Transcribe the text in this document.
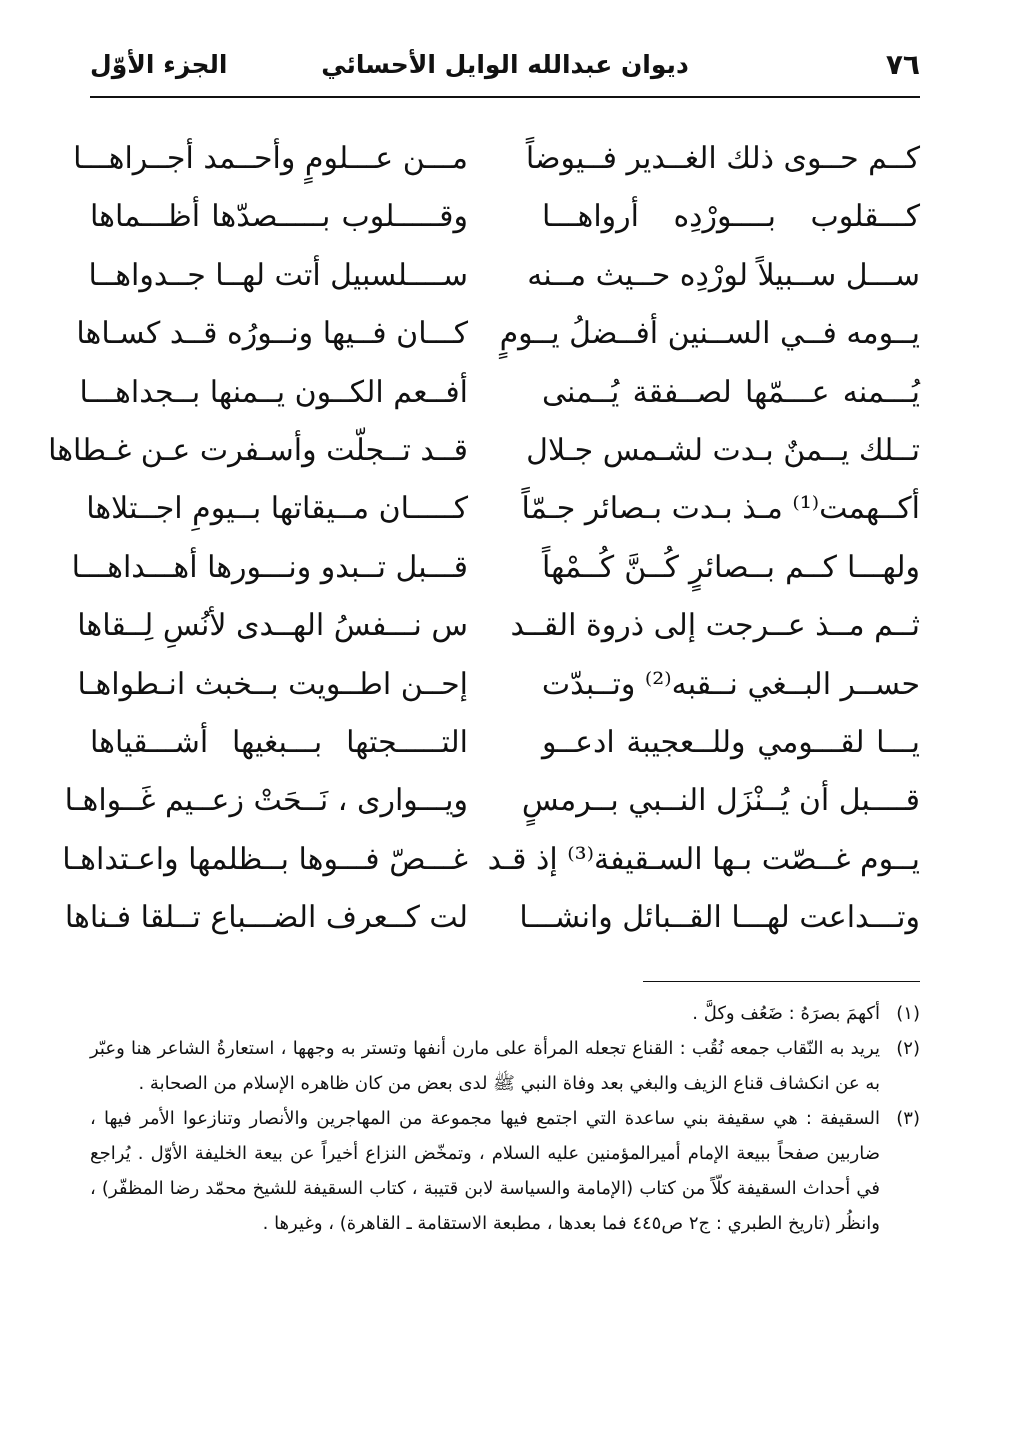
٧٦
ديوان عبدالله الوايل الأحسائي
الجزء الأوّل
كــم حــوى ذلك الغــدير فــيوضاً
مـــن عـــلومٍ وأحــمد أجــراهـــا
كـــقلوب بــــورْدِه أرواهـــا
وقـــــلوب بـــــصدّها أظـــماها
ســـل ســبيلاً لورْدِه حــيث مــنه
ســــلسبيل أتت لهــا جــدواهــا
يــومه فــي الســنين أفــضلُ يــومٍ
كـــان فــيها ونــورُه قــد كسـاها
يُـــمنه عـــمّها لصــفقة يُــمنى
أفــعم الكــون يــمنها بــجداهـــا
تــلك يــمنٌ بـدت لشـمس جـلال
قــد تــجلّت وأسـفرت عـن غـطاها
أكــهمت⁽¹⁾ مـذ بـدت بـصائر جـمّاً
كـــــان مــيقاتها بــيومِ اجــتلاها
ولهـــا كــم بــصائرٍ كُــنَّ كُــمْهاً
قـــبل تــبدو ونـــورها أهـــداهـــا
ثــم مــذ عــرجت إلى ذروة القــد
س نـــفسُ الهــدى لأنُسِ لِــقاها
حســر البــغي نــقبه⁽²⁾ وتــبدّت
إحــن اطــويت بــخبث انـطواهـا
يـــا لقـــومي وللــعجيبة ادعــو
التـــــجتها بـــبغيها أشـــقياها
قــــبل أن يُــنْزَل النــبي بــرمسٍ
ويـــوارى ، نَــحَتْ زعــيم غَــواهـا
يــوم غــصّت بـها السـقيفة⁽³⁾ إذ قـد
غـــصّ فـــوها بــظلمها واعـتداهـا
وتـــداعت لهـــا القــبائل وانشـــا
لت كــعرف الضـــباع تــلقا فـناها

(١)
أكهمَ بصرَهُ : ضَعُف وكلَّ .

(٢)
يريد به النّقاب جمعه نُقُب : القناع تجعله المرأة على مارن أنفها وتستر به وجهها ، استعارةُ الشاعر هنا وعبّر به عن انكشاف قناع الزيف والبغي بعد وفاة النبي ﷺ لدى بعض من كان ظاهره الإسلام من الصحابة .

(٣)
السقيفة : هي سقيفة بني ساعدة التي اجتمع فيها مجموعة من المهاجرين والأنصار وتنازعوا الأمر فيها ، ضاربين صفحاً ببيعة الإمام أميرالمؤمنين عليه السلام ، وتمخّض النزاع أخيراً عن بيعة الخليفة الأوّل . يُراجع في أحداث السقيفة كلّاً من كتاب (الإمامة والسياسة لابن قتيبة ، كتاب السقيفة للشيخ محمّد رضا المظفّر) ، وانظُر (تاريخ الطبري : ج٢ ص٤٤٥ فما بعدها ، مطبعة الاستقامة ـ القاهرة) ، وغيرها .
